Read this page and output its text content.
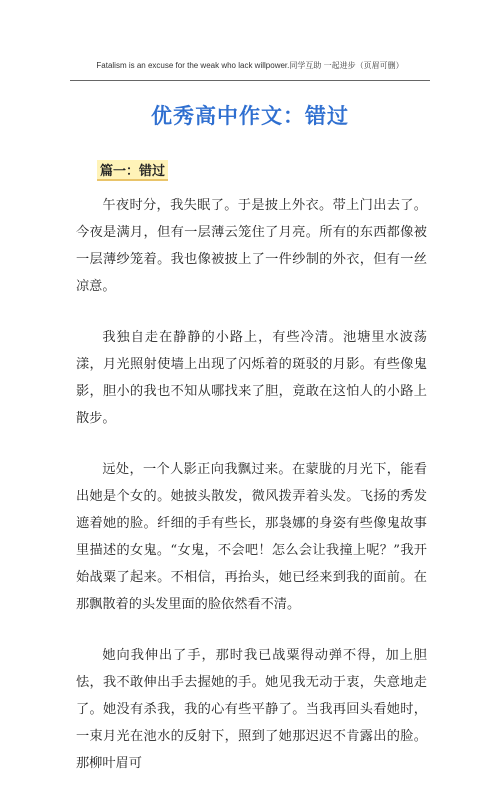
Fatalism is an excuse for the weak who lack willpower.同学互助 一起进步（页眉可删）
优秀高中作文：错过
篇一：错过

午夜时分，我失眠了。于是披上外衣。带上门出去了。今夜是满月，但有一层薄云笼住了月亮。所有的东西都像被一层薄纱笼着。我也像被披上了一件纱制的外衣，但有一丝凉意。

我独自走在静静的小路上，有些冷清。池塘里水波荡漾，月光照射使墙上出现了闪烁着的斑驳的月影。有些像鬼影，胆小的我也不知从哪找来了胆，竟敢在这怕人的小路上散步。

远处，一个人影正向我飘过来。在蒙胧的月光下，能看出她是个女的。她披头散发，微风拨弄着头发。飞扬的秀发遮着她的脸。纤细的手有些长，那袅娜的身姿有些像鬼故事里描述的女鬼。“女鬼，不会吧！怎么会让我撞上呢？”我开始战粟了起来。不相信，再抬头，她已经来到我的面前。在那飘散着的头发里面的脸依然看不清。

她向我伸出了手，那时我已战粟得动弹不得，加上胆怯，我不敢伸出手去握她的手。她见我无动于衷，失意地走了。她没有杀我，我的心有些平静了。当我再回头看她时，一束月光在池水的反射下，照到了她那迟迟不肯露出的脸。那柳叶眉可
